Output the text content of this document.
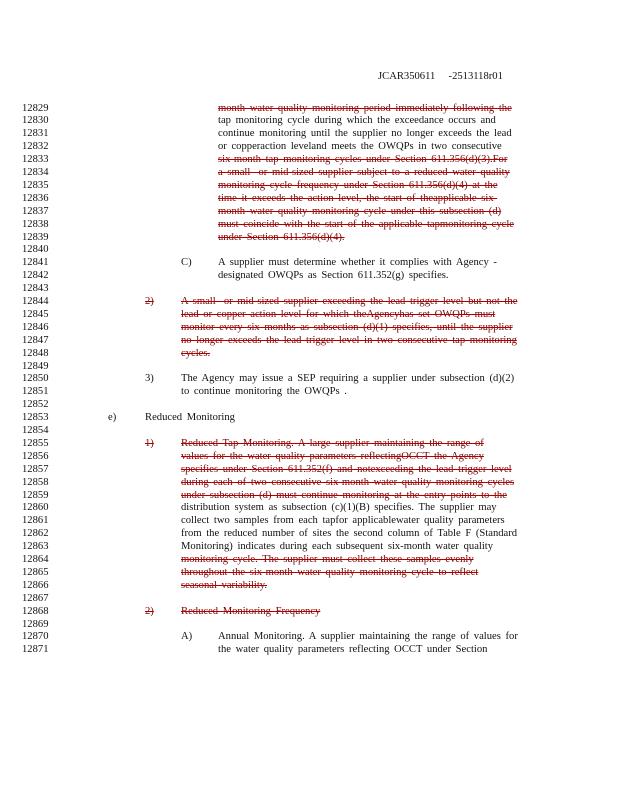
JCAR350611     -2513118r01
12829	month water quality monitoring period immediately following the
12830	tap monitoring cycle during which the exceedance occurs and
12831	continue monitoring until the supplier no longer exceeds the lead
12832	or copperaction leveland meets the OWQPs in two consecutive
12833	six-month tap monitoring cycles under Section 611.356(d)(3).For
12834	a small- or mid-sized supplier subject to a reduced water quality
12835	monitoring cycle frequency under Section 611.356(d)(4) at the
12836	time it exceeds the action level, the start of theapplicable six-
12837	month water quality monitoring cycle under this subsection (d)
12838	must coincide with the start of the applicable tapmonitoring cycle
12839	under Section 611.356(d)(4).
12840
12841	C) A supplier must determine whether it complies with Agency -
12842	designated OWQPs as Section 611.352(g) specifies.
12843
12844	2)	A small- or mid-sized supplier exceeding the lead trigger level but not the
12845	lead or copper action level for which theAgencyhas set OWQPs must
12846	monitor every six months as subsection (d)(1) specifies, until the supplier
12847	no longer exceeds the lead trigger level in two consecutive tap monitoring
12848	cycles.
12849
12850	3)	The Agency may issue a SEP requiring a supplier under subsection (d)(2)
12851	to continue monitoring the OWQPs .
12852
12853	e)	Reduced Monitoring
12854
12855	1)	Reduced Tap Monitoring. A large supplier maintaining the range of
12856	values for the water quality parameters reflectingOCCT the Agency
12857	specifies under Section 611.352(f) and notexceeding the lead trigger level
12858	during each of two consecutive six-month water quality monitoring cycles
12859	under subsection (d) must continue monitoring at the entry points to the
12860	distribution system as subsection (c)(1)(B) specifies. The supplier may
12861	collect two samples from each tapfor applicablewater quality parameters
12862	from the reduced number of sites the second column of Table F (Standard
12863	Monitoring) indicates during each subsequent six-month water quality
12864	monitoring cycle. The supplier must collect these samples evenly
12865	throughout the six-month water quality monitoring cycle to reflect
12866	seasonal variability.
12867
12868	2)	Reduced Monitoring Frequency
12869
12870	A) Annual Monitoring. A supplier maintaining the range of values for
12871	the water quality parameters reflecting OCCT under Section
